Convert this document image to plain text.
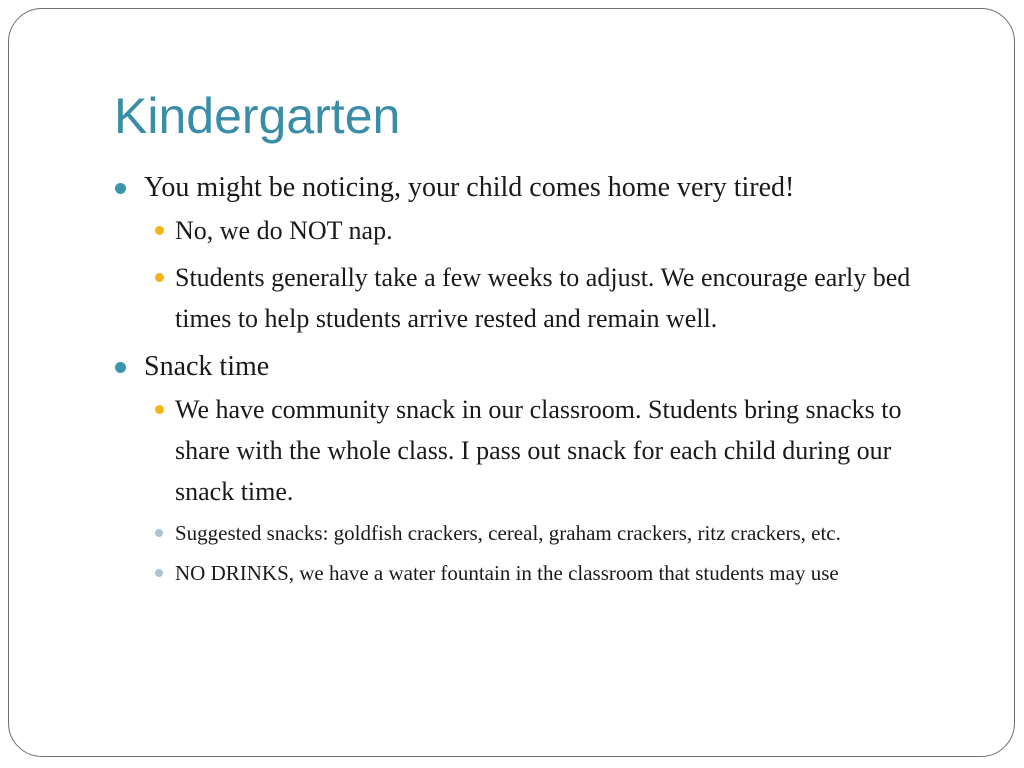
Kindergarten
You might be noticing, your child comes home very tired!
No, we do NOT nap.
Students generally take a few weeks to adjust. We encourage early bed times to help students arrive rested and remain well.
Snack time
We have community snack in our classroom. Students bring snacks to share with the whole class. I pass out snack for each child during our snack time.
Suggested snacks: goldfish crackers, cereal, graham crackers, ritz crackers, etc.
NO DRINKS, we have a water fountain in the classroom that students may use
